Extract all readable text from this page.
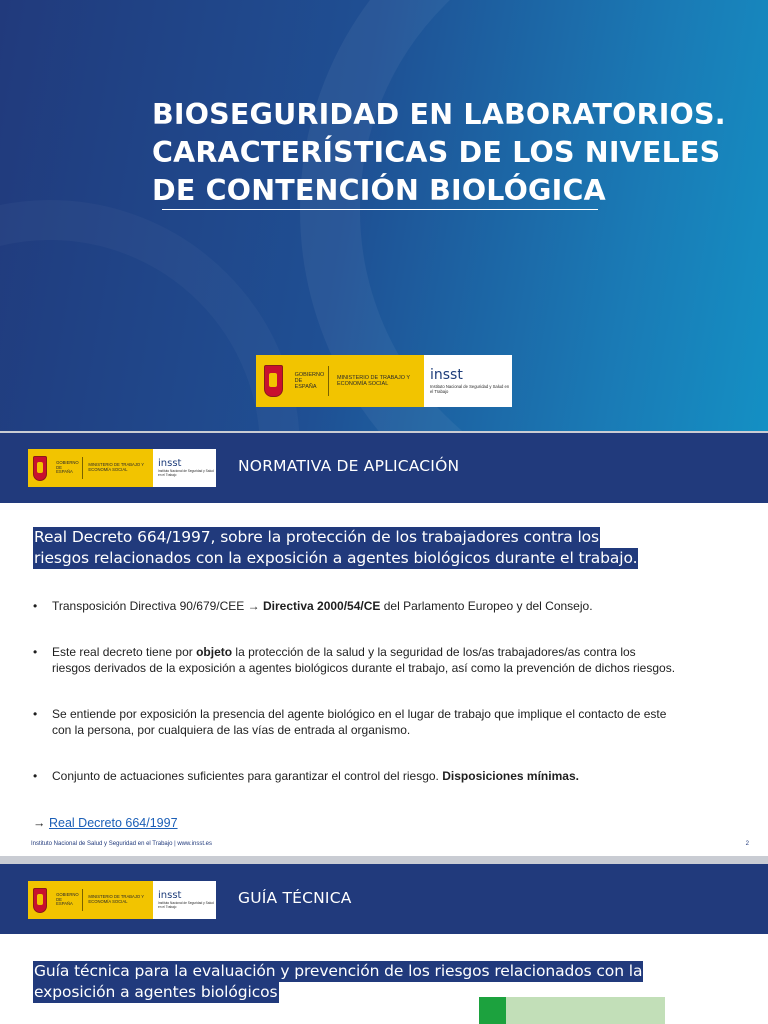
BIOSEGURIDAD EN LABORATORIOS.
CARACTERÍSTICAS DE LOS NIVELES
DE CONTENCIÓN BIOLÓGICA
GOBIERNO DE ESPAÑA
MINISTERIO DE TRABAJO Y ECONOMÍA SOCIAL
insst
Instituto Nacional de Seguridad y Salud en el Trabajo
GOBIERNO DE ESPAÑA
MINISTERIO DE TRABAJO Y ECONOMÍA SOCIAL
insst
Instituto Nacional de Seguridad y Salud en el Trabajo	NORMATIVA DE APLICACIÓN
Real Decreto 664/1997, sobre la protección de los trabajadores contra los
riesgos relacionados con la exposición a agentes biológicos durante el trabajo.
• Transposición Directiva 90/679/CEE → Directiva 2000/54/CE del Parlamento Europeo y del Consejo.
• Este real decreto tiene por objeto la protección de la salud y la seguridad de los/as trabajadores/as contra los
riesgos derivados de la exposición a agentes biológicos durante el trabajo, así como la prevención de dichos riesgos.
• Se entiende por exposición la presencia del agente biológico en el lugar de trabajo que implique el contacto de este
con la persona, por cualquiera de las vías de entrada al organismo.
• Conjunto de actuaciones suficientes para garantizar el control del riesgo. Disposiciones mínimas.
→ Real Decreto 664/1997
Instituto Nacional de Salud y Seguridad en el Trabajo | www.insst.es	2
GOBIERNO DE ESPAÑA
MINISTERIO DE TRABAJO Y ECONOMÍA SOCIAL
insst
Instituto Nacional de Seguridad y Salud en el Trabajo	GUÍA TÉCNICA
Guía técnica para la evaluación y prevención de los riesgos relacionados con la
exposición a agentes biológicos
